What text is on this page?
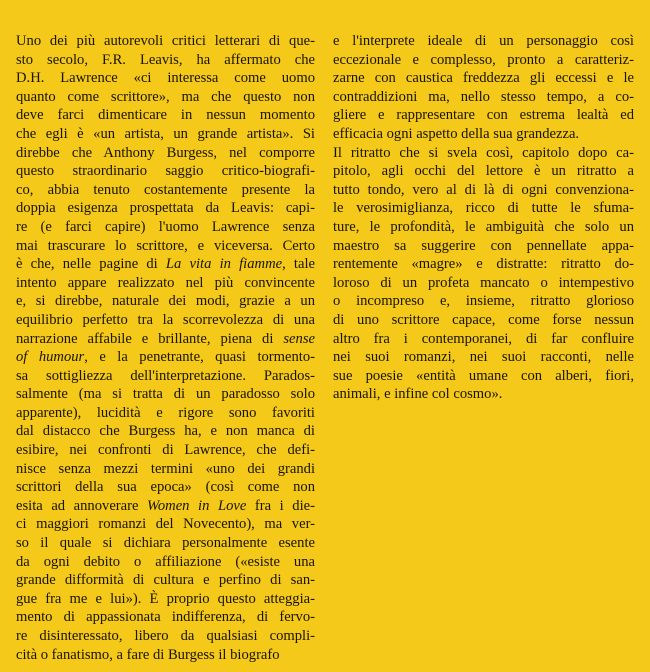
Uno dei più autorevoli critici letterari di que-
sto secolo, F.R. Leavis, ha affermato che
D.H. Lawrence «ci interessa come uomo
quanto come scrittore», ma che questo non
deve farci dimenticare in nessun momento
che egli è «un artista, un grande artista». Si
direbbe che Anthony Burgess, nel comporre
questo straordinario saggio critico-biografi-
co, abbia tenuto costantemente presente la
doppia esigenza prospettata da Leavis: capi-
re (e farci capire) l'uomo Lawrence senza
mai trascurare lo scrittore, e viceversa. Certo
è che, nelle pagine di La vita in fiamme, tale
intento appare realizzato nel più convincente
e, si direbbe, naturale dei modi, grazie a un
equilibrio perfetto tra la scorrevolezza di una
narrazione affabile e brillante, piena di sense
of humour, e la penetrante, quasi tormento-
sa sottigliezza dell'interpretazione. Parados-
salmente (ma si tratta di un paradosso solo
apparente), lucidità e rigore sono favoriti
dal distacco che Burgess ha, e non manca di
esibire, nei confronti di Lawrence, che defi-
nisce senza mezzi termini «uno dei grandi
scrittori della sua epoca» (così come non
esita ad annoverare Women in Love fra i die-
ci maggiori romanzi del Novecento), ma ver-
so il quale si dichiara personalmente esente
da ogni debito o affiliazione («esiste una
grande difformità di cultura e perfino di san-
gue fra me e lui»). È proprio questo atteggia-
mento di appassionata indifferenza, di fervo-
re disinteressato, libero da qualsiasi compli-
cità o fanatismo, a fare di Burgess il biografo
e l'interprete ideale di un personaggio così
eccezionale e complesso, pronto a caratteriz-
zarne con caustica freddezza gli eccessi e le
contraddizioni ma, nello stesso tempo, a co-
gliere e rappresentare con estrema lealtà ed
efficacia ogni aspetto della sua grandezza.
Il ritratto che si svela così, capitolo dopo ca-
pitolo, agli occhi del lettore è un ritratto a
tutto tondo, vero al di là di ogni convenziona-
le verosimiglianza, ricco di tutte le sfuma-
ture, le profondità, le ambiguità che solo un
maestro sa suggerire con pennellate appa-
rentemente «magre» e distratte: ritratto do-
loroso di un profeta mancato o intempestivo
o incompreso e, insieme, ritratto glorioso
di uno scrittore capace, come forse nessun
altro fra i contemporanei, di far confluire
nei suoi romanzi, nei suoi racconti, nelle
sue poesie «entità umane con alberi, fiori,
animali, e infine col cosmo».
